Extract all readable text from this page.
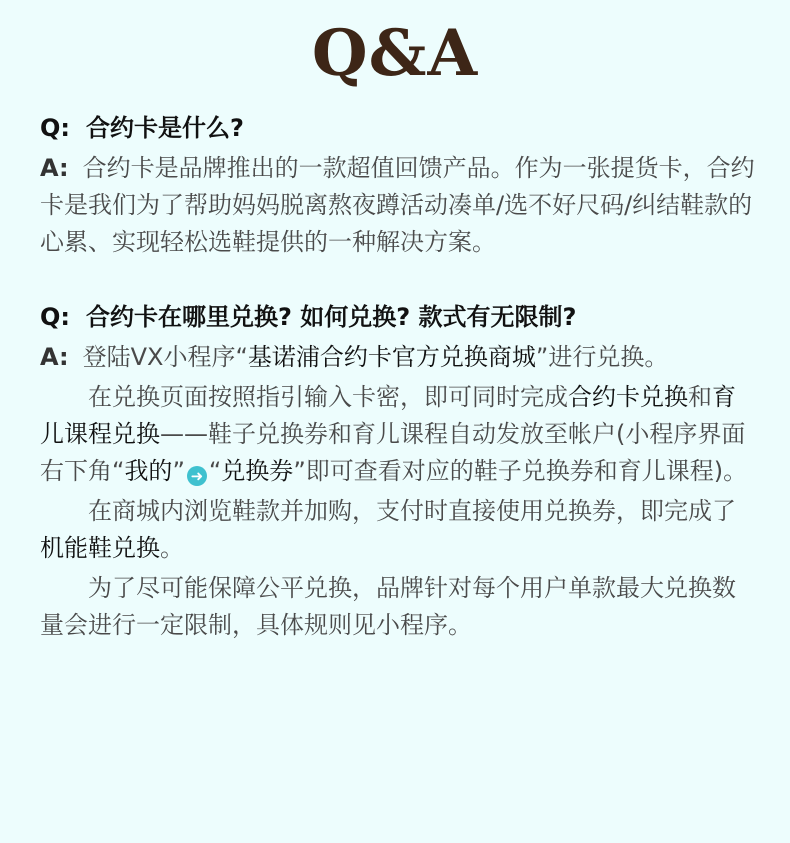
Q&A

Q: 合约卡是什么?

A: 合约卡是品牌推出的一款超值回馈产品。作为一张提货卡，合约卡是我们为了帮助妈妈脱离熬夜蹲活动凑单/选不好尺码/纠结鞋款的心累、实现轻松选鞋提供的一种解决方案。

Q: 合约卡在哪里兑换? 如何兑换? 款式有无限制?

A: 登陆VX小程序“基诺浦合约卡官方兑换商城”进行兑换。

在兑换页面按照指引输入卡密，即可同时完成合约卡兑换和育儿课程兑换——鞋子兑换券和育儿课程自动发放至帐户(小程序界面右下角“我的” ➜ “兑换券”即可查看对应的鞋子兑换券和育儿课程)。

在商城内浏览鞋款并加购，支付时直接使用兑换券，即完成了机能鞋兑换。

为了尽可能保障公平兑换，品牌针对每个用户单款最大兑换数量会进行一定限制，具体规则见小程序。
